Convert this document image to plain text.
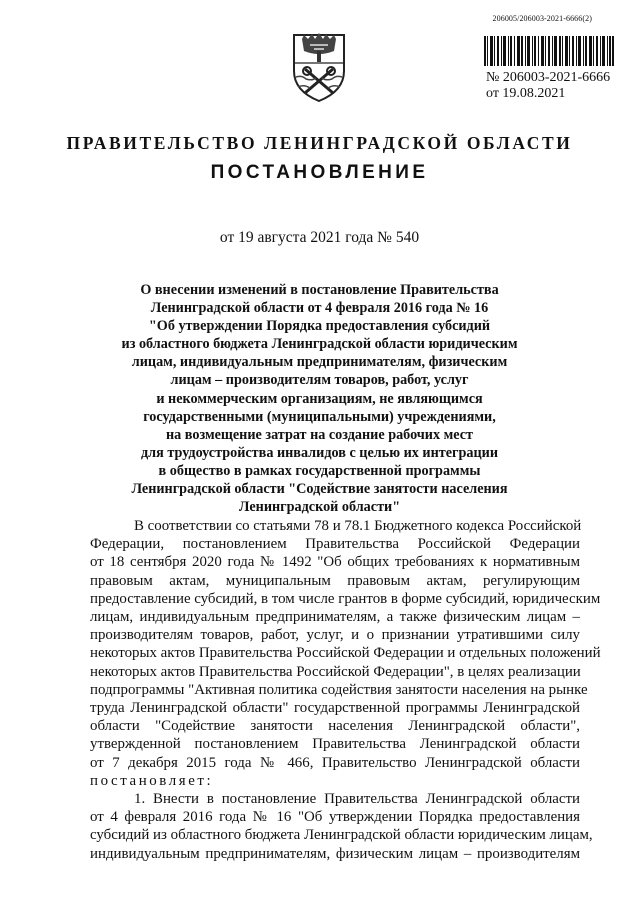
206005/206003-2021-6666(2)
№ 206003-2021-6666
от 19.08.2021
ПРАВИТЕЛЬСТВО ЛЕНИНГРАДСКОЙ ОБЛАСТИ
ПОСТАНОВЛЕНИЕ
от 19 августа 2021 года № 540
О внесении изменений в постановление Правительства
Ленинградской области от 4 февраля 2016 года № 16
"Об утверждении Порядка предоставления субсидий
из областного бюджета Ленинградской области юридическим
лицам, индивидуальным предпринимателям, физическим
лицам – производителям товаров, работ, услуг
и некоммерческим организациям, не являющимся
государственными (муниципальными) учреждениями,
на возмещение затрат на создание рабочих мест
для трудоустройства инвалидов с целью их интеграции
в общество в рамках государственной программы
Ленинградской области "Содействие занятости населения
Ленинградской области"
В соответствии со статьями 78 и 78.1 Бюджетного кодекса Российской
Федерации, постановлением Правительства Российской Федерации
от 18 сентября 2020 года № 1492 "Об общих требованиях к нормативным
правовым актам, муниципальным правовым актам, регулирующим
предоставление субсидий, в том числе грантов в форме субсидий, юридическим
лицам, индивидуальным предпринимателям, а также физическим лицам –
производителям товаров, работ, услуг, и о признании утратившими силу
некоторых актов Правительства Российской Федерации и отдельных положений
некоторых актов Правительства Российской Федерации", в целях реализации
подпрограммы "Активная политика содействия занятости населения на рынке
труда Ленинградской области" государственной программы Ленинградской
области "Содействие занятости населения Ленинградской области",
утвержденной постановлением Правительства Ленинградской области
от 7 декабря 2015 года № 466, Правительство Ленинградской области
постановляет:
1. Внести в постановление Правительства Ленинградской области
от 4 февраля 2016 года № 16 "Об утверждении Порядка предоставления
субсидий из областного бюджета Ленинградской области юридическим лицам,
индивидуальным предпринимателям, физическим лицам – производителям
